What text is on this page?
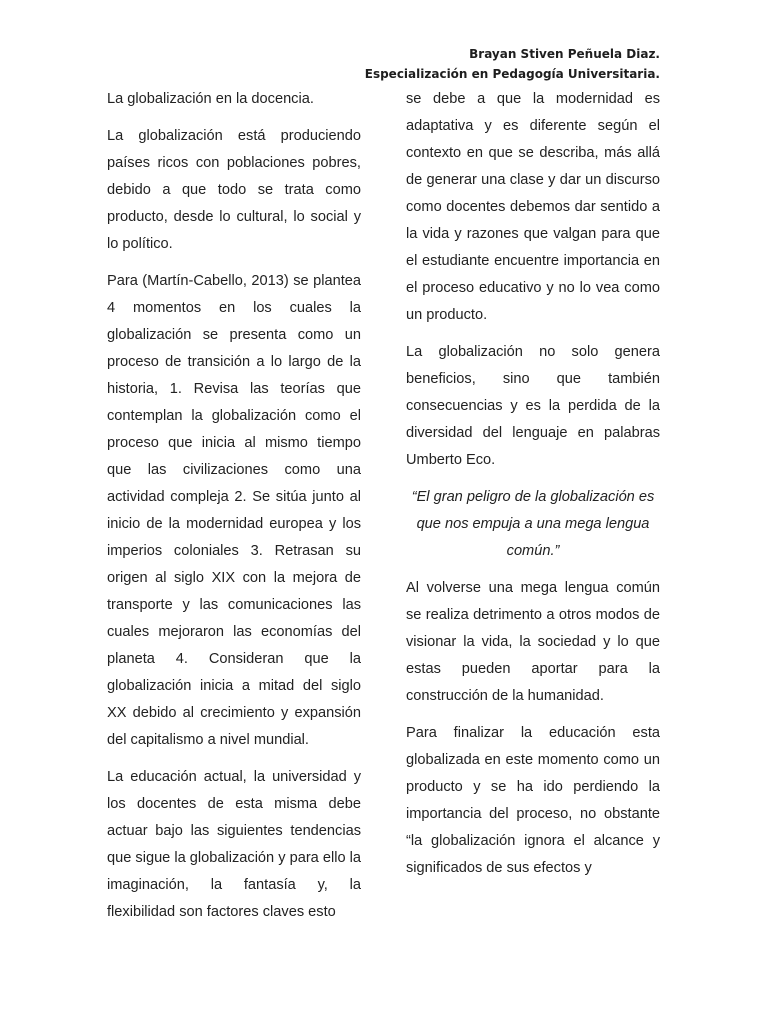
Brayan Stiven Peñuela Diaz.
Especialización en Pedagogía Universitaria.

La globalización en la docencia.

La globalización está produciendo países ricos con poblaciones pobres, debido a que todo se trata como producto, desde lo cultural, lo social y lo político.

Para (Martín-Cabello, 2013) se plantea 4 momentos en los cuales la globalización se presenta como un proceso de transición a lo largo de la historia, 1. Revisa las teorías que contemplan la globalización como el proceso que inicia al mismo tiempo que las civilizaciones como una actividad compleja 2. Se sitúa junto al inicio de la modernidad europea y los imperios coloniales 3. Retrasan su origen al siglo XIX con la mejora de transporte y las comunicaciones las cuales mejoraron las economías del planeta 4. Consideran que la globalización inicia a mitad del siglo XX debido al crecimiento y expansión del capitalismo a nivel mundial.

La educación actual, la universidad y los docentes de esta misma debe actuar bajo las siguientes tendencias que sigue la globalización y para ello la imaginación, la fantasía y, la flexibilidad son factores claves esto

se debe a que la modernidad es adaptativa y es diferente según el contexto en que se describa, más allá de generar una clase y dar un discurso como docentes debemos dar sentido a la vida y razones que valgan para que el estudiante encuentre importancia en el proceso educativo y no lo vea como un producto.

La globalización no solo genera beneficios, sino que también consecuencias y es la perdida de la diversidad del lenguaje en palabras Umberto Eco.

“El gran peligro de la globalización es que nos empuja a una mega lengua común.”

Al volverse una mega lengua común se realiza detrimento a otros modos de visionar la vida, la sociedad y lo que estas pueden aportar para la construcción de la humanidad.

Para finalizar la educación esta globalizada en este momento como un producto y se ha ido perdiendo la importancia del proceso, no obstante “la globalización ignora el alcance y significados de sus efectos y
